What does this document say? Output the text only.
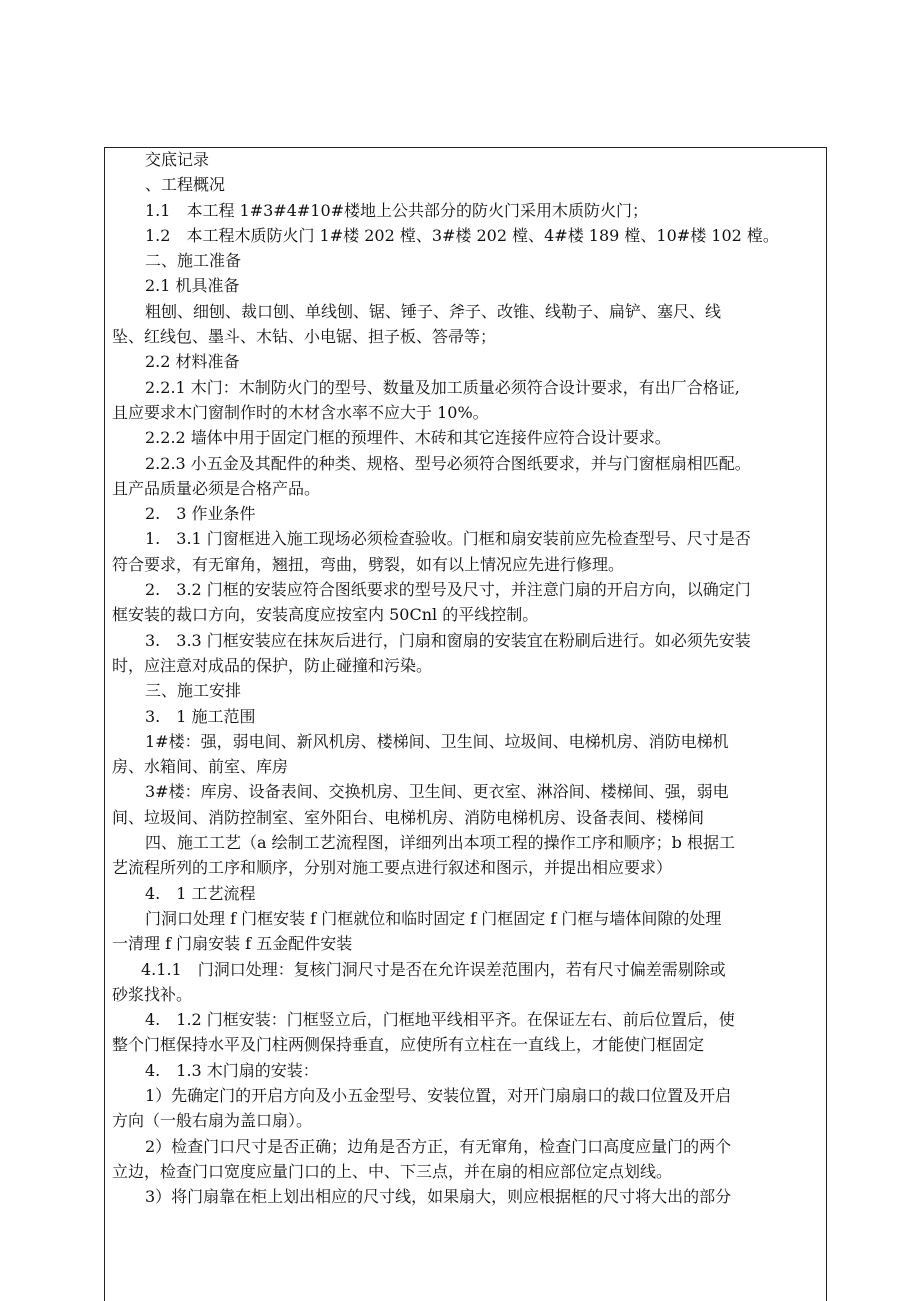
交底记录
、工程概况
1.1　本工程 1#3#4#10#楼地上公共部分的防火门采用木质防火门；
1.2　本工程木质防火门 1#楼 202 樘、3#楼 202 樘、4#楼 189 樘、10#楼 102 樘。
二、施工准备
2.1 机具准备
粗刨、细刨、裁口刨、单线刨、锯、锤子、斧子、改锥、线勒子、扁铲、塞尺、线
坠、红线包、墨斗、木钻、小电锯、担子板、答帚等；
2.2 材料准备
2.2.1 木门：木制防火门的型号、数量及加工质量必须符合设计要求，有出厂合格证,
且应要求木门窗制作时的木材含水率不应大于 10%。
2.2.2 墙体中用于固定门框的预埋件、木砖和其它连接件应符合设计要求。
2.2.3 小五金及其配件的种类、规格、型号必须符合图纸要求，并与门窗框扇相匹配。
且产品质量必须是合格产品。
2.　3 作业条件
1.　3.1 门窗框进入施工现场必须检查验收。门框和扇安装前应先检查型号、尺寸是否
符合要求，有无窜角，翘扭，弯曲，劈裂，如有以上情况应先进行修理。
2.　3.2 门框的安装应符合图纸要求的型号及尺寸，并注意门扇的开启方向，以确定门
框安装的裁口方向，安装高度应按室内 50Cnl 的平线控制。
3.　3.3 门框安装应在抹灰后进行，门扇和窗扇的安装宜在粉刷后进行。如必须先安装
时，应注意对成品的保护，防止碰撞和污染。
三、施工安排
3.　1 施工范围
1#楼：强，弱电间、新风机房、楼梯间、卫生间、垃圾间、电梯机房、消防电梯机
房、水箱间、前室、库房
3#楼：库房、设备表间、交换机房、卫生间、更衣室、淋浴间、楼梯间、强，弱电
间、垃圾间、消防控制室、室外阳台、电梯机房、消防电梯机房、设备表间、楼梯间
四、施工工艺（a 绘制工艺流程图，详细列出本项工程的操作工序和顺序；b 根据工
艺流程所列的工序和顺序，分别对施工要点进行叙述和图示，并提出相应要求）
4.　1 工艺流程
门洞口处理 f 门框安装 f 门框就位和临时固定 f 门框固定 f 门框与墙体间隙的处理
一清理 f 门扇安装 f 五金配件安装
4.1.1　门洞口处理：复核门洞尺寸是否在允许误差范围内，若有尺寸偏差需剔除或
砂浆找补。
4.　1.2 门框安装：门框竖立后，门框地平线相平齐。在保证左右、前后位置后，使
整个门框保持水平及门柱两侧保持垂直，应使所有立柱在一直线上，才能使门框固定
4.　1.3 木门扇的安装：
1）先确定门的开启方向及小五金型号、安装位置，对开门扇扇口的裁口位置及开启
方向（一般右扇为盖口扇）。
2）检查门口尺寸是否正确；边角是否方正，有无窜角，检查门口高度应量门的两个
立边，检查门口宽度应量门口的上、中、下三点，并在扇的相应部位定点划线。
3）将门扇靠在柜上划出相应的尺寸线，如果扇大，则应根据框的尺寸将大出的部分
